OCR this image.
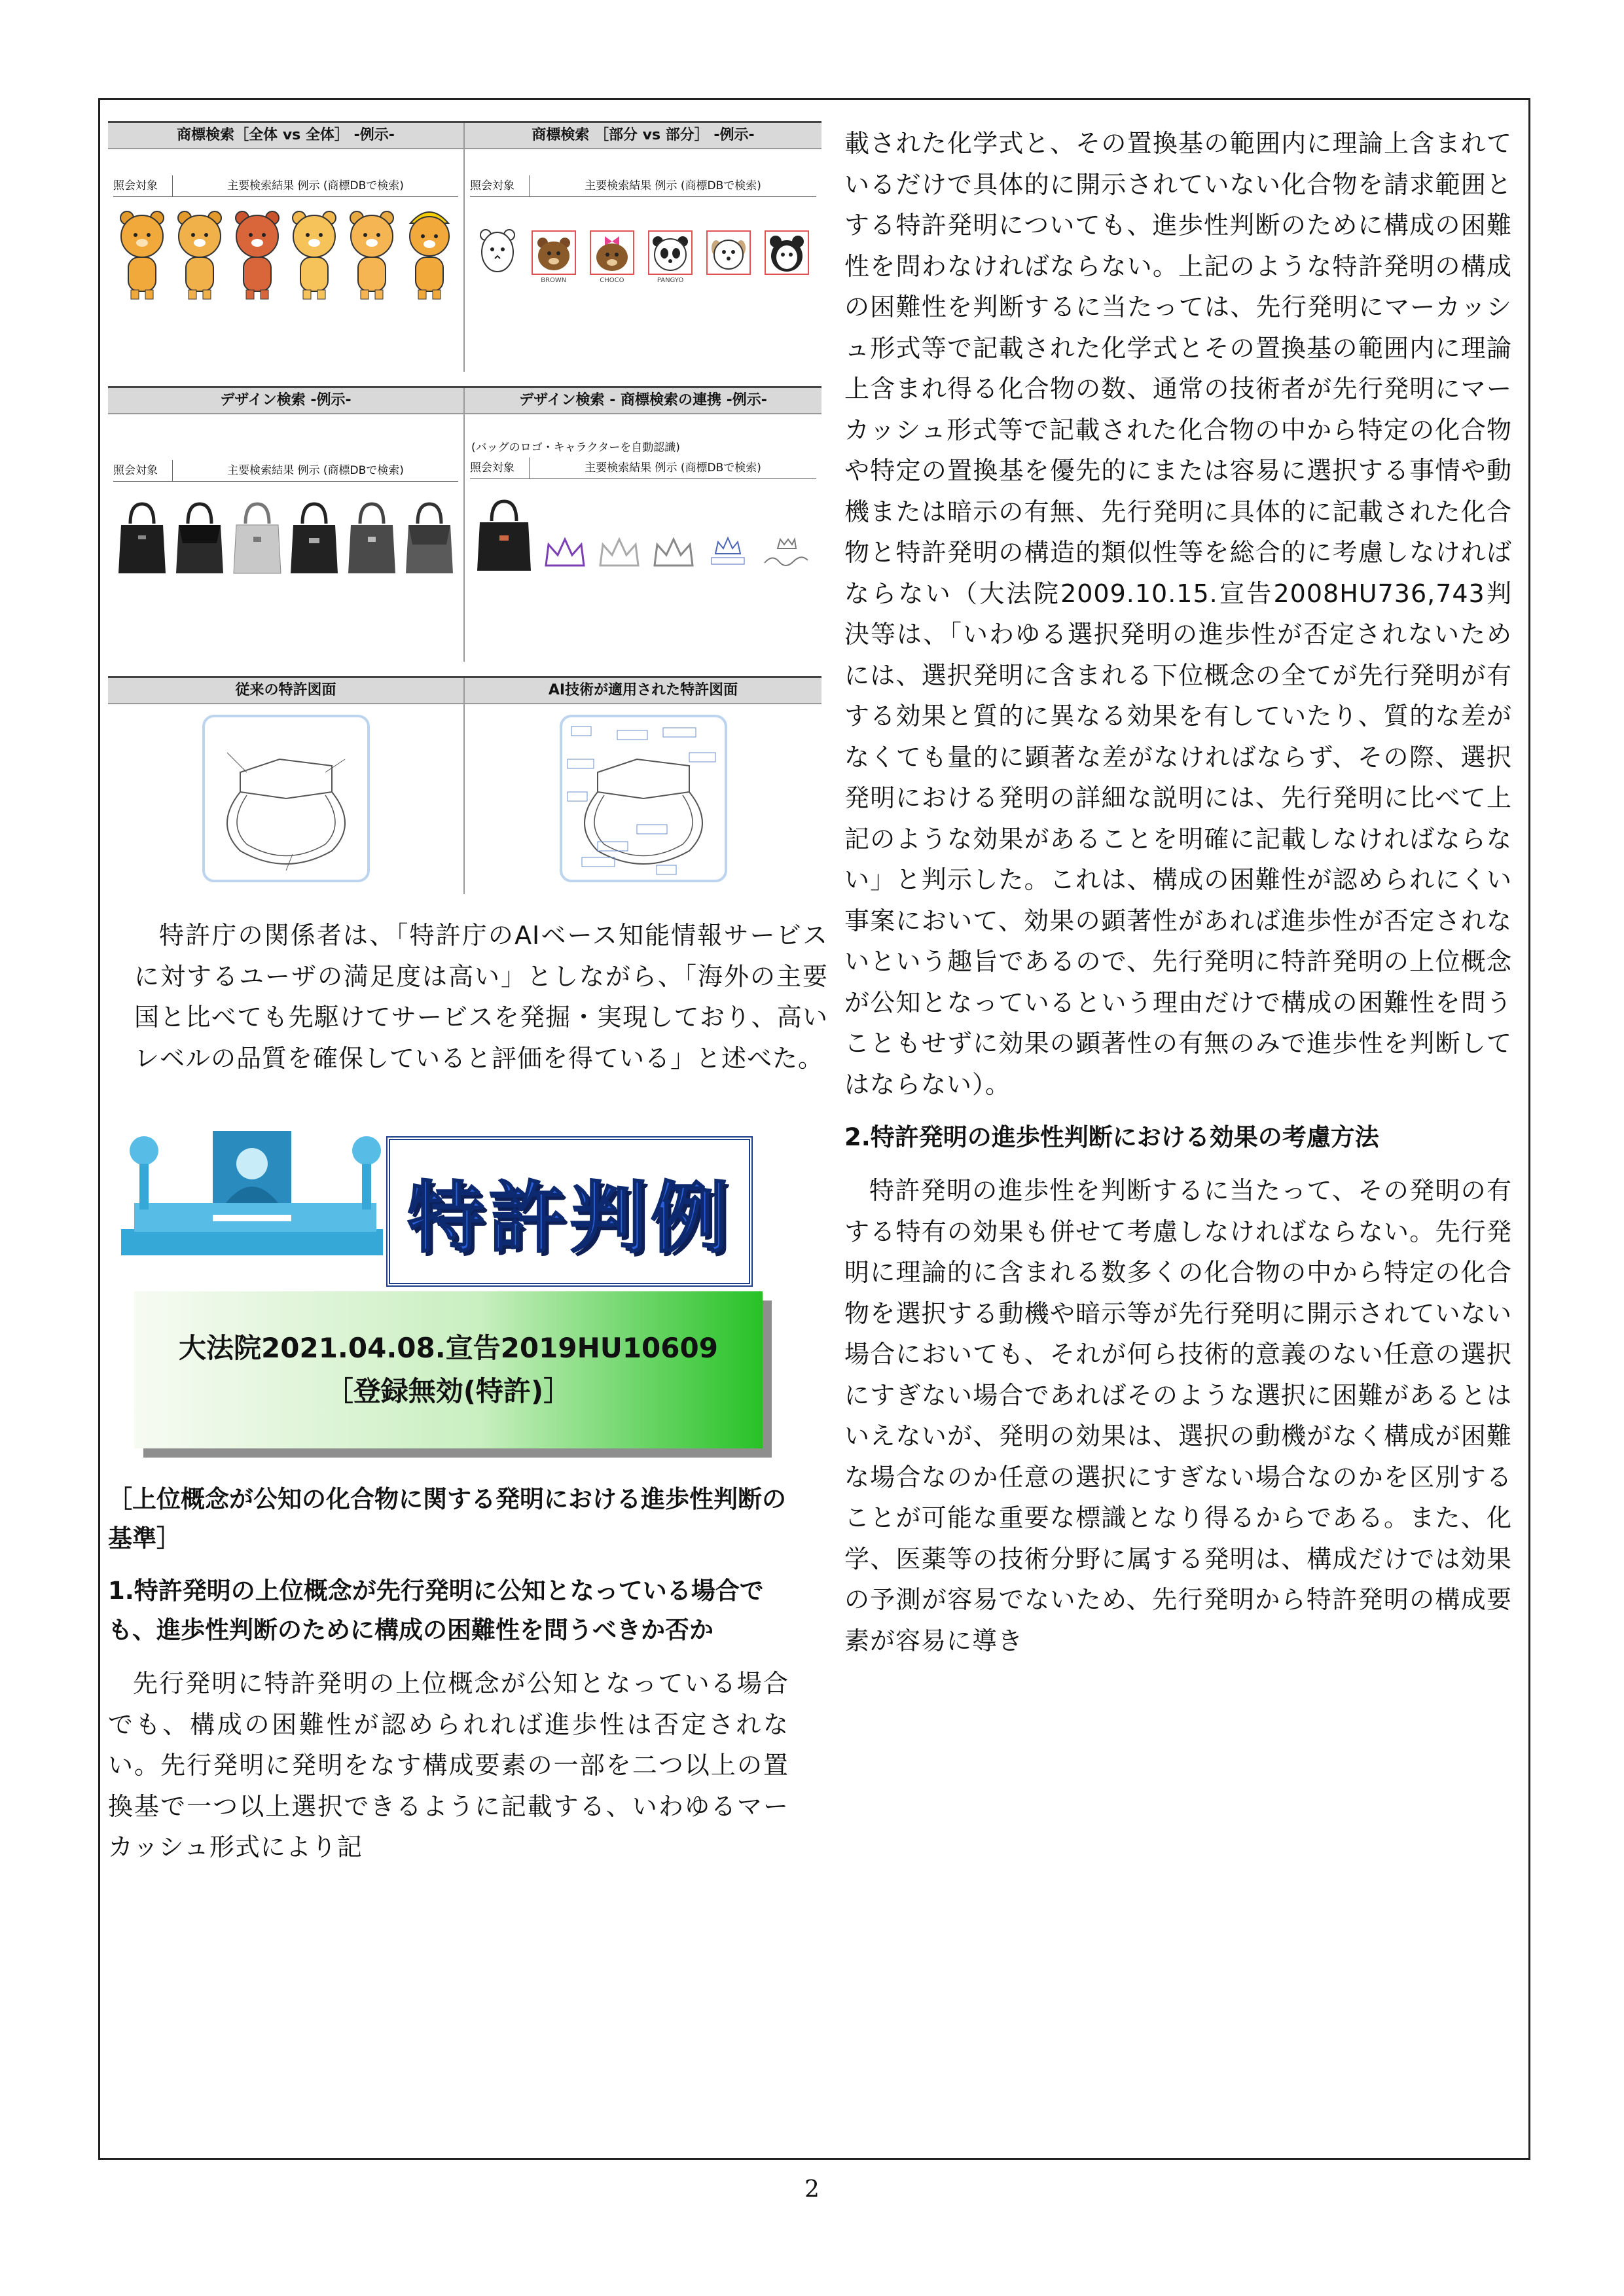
商標検索［全体 vs 全体］ -例示-
照会対象	主要検索結果 例示 (商標DBで検索)
商標検索 ［部分 vs 部分］ -例示-
照会対象	主要検索結果 例示 (商標DBで検索)
BROWN	CHOCO	PANGYO
デザイン検索 -例示-
照会対象	主要検索結果 例示 (商標DBで検索)
デザイン検索 - 商標検索の連携 -例示-
(バッグのロゴ・キャラクターを自動認識)
照会対象	主要検索結果 例示 (商標DBで検索)
従来の特許図面	AI技術が適用された特許図面

特許庁の関係者は、「特許庁のAIベース知能情報サービスに対するユーザの満足度は高い」としながら、「海外の主要国と比べても先駆けてサービスを発掘・実現しており、高いレベルの品質を確保していると評価を得ている」と述べた。

特許判例
大法院2021.04.08.宣告2019HU10609
［登録無効(特許)］

［上位概念が公知の化合物に関する発明における進歩性判断の基準］

1.特許発明の上位概念が先行発明に公知となっている場合でも、進歩性判断のために構成の困難性を問うべきか否か

先行発明に特許発明の上位概念が公知となっている場合でも、構成の困難性が認められれば進歩性は否定されない。先行発明に発明をなす構成要素の一部を二つ以上の置換基で一つ以上選択できるように記載する、いわゆるマーカッシュ形式により記

載された化学式と、その置換基の範囲内に理論上含まれているだけで具体的に開示されていない化合物を請求範囲とする特許発明についても、進歩性判断のために構成の困難性を問わなければならない。上記のような特許発明の構成の困難性を判断するに当たっては、先行発明にマーカッシュ形式等で記載された化学式とその置換基の範囲内に理論上含まれ得る化合物の数、通常の技術者が先行発明にマーカッシュ形式等で記載された化合物の中から特定の化合物や特定の置換基を優先的にまたは容易に選択する事情や動機または暗示の有無、先行発明に具体的に記載された化合物と特許発明の構造的類似性等を総合的に考慮しなければならない（大法院2009.10.15.宣告2008HU736,743判決等は、「いわゆる選択発明の進歩性が否定されないためには、選択発明に含まれる下位概念の全てが先行発明が有する効果と質的に異なる効果を有していたり、質的な差がなくても量的に顕著な差がなければならず、その際、選択発明における発明の詳細な説明には、先行発明に比べて上記のような効果があることを明確に記載しなければならない」と判示した。これは、構成の困難性が認められにくい事案において、効果の顕著性があれば進歩性が否定されないという趣旨であるので、先行発明に特許発明の上位概念が公知となっているという理由だけで構成の困難性を問うこともせずに効果の顕著性の有無のみで進歩性を判断してはならない）。

2.特許発明の進歩性判断における効果の考慮方法

特許発明の進歩性を判断するに当たって、その発明の有する特有の効果も併せて考慮しなければならない。先行発明に理論的に含まれる数多くの化合物の中から特定の化合物を選択する動機や暗示等が先行発明に開示されていない場合においても、それが何ら技術的意義のない任意の選択にすぎない場合であればそのような選択に困難があるとはいえないが、発明の効果は、選択の動機がなく構成が困難な場合なのか任意の選択にすぎない場合なのかを区別することが可能な重要な標識となり得るからである。また、化学、医薬等の技術分野に属する発明は、構成だけでは効果の予測が容易でないため、先行発明から特許発明の構成要素が容易に導き

2
